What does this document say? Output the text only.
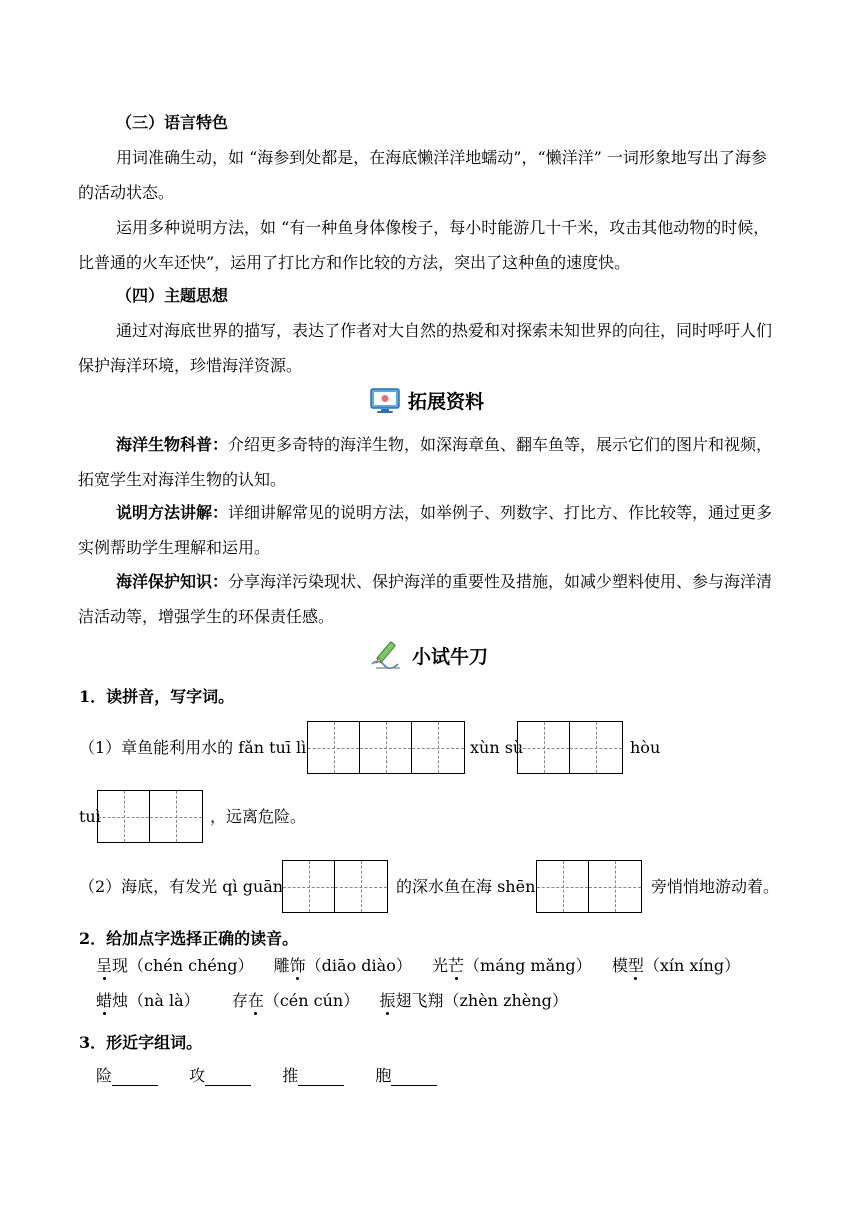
（三）语言特色
用词准确生动，如 “海参到处都是，在海底懒洋洋地蠕动”，“懒洋洋” 一词形象地写出了海参的活动状态。
运用多种说明方法，如 “有一种鱼身体像梭子，每小时能游几十千米，攻击其他动物的时候，比普通的火车还快”，运用了打比方和作比较的方法，突出了这种鱼的速度快。
（四）主题思想
通过对海底世界的描写，表达了作者对大自然的热爱和对探索未知世界的向往，同时呼吁人们保护海洋环境，珍惜海洋资源。
拓展资料
海洋生物科普：介绍更多奇特的海洋生物，如深海章鱼、翻车鱼等，展示它们的图片和视频，拓宽学生对海洋生物的认知。
说明方法讲解：详细讲解常见的说明方法，如举例子、列数字、打比方、作比较等，通过更多实例帮助学生理解和运用。
海洋保护知识：分享海洋污染现状、保护海洋的重要性及措施，如减少塑料使用、参与海洋清洁活动等，增强学生的环保责任感。
小试牛刀
1．读拼音，写字词。
（1）章鱼能利用水的 fǎn tuī lì	xùn sù	hòu
tuì	，远离危险。
（2）海底，有发光 qì guān	的深水鱼在海 shēn	旁悄悄地游动着。
2．给加点字选择正确的读音。
呈现（chén chéng） 雕饰（diāo diào） 光芒（máng mǎng） 模型（xín xíng）
蜡烛（nà là） 存在（cén cún） 振翅飞翔（zhèn zhèng）
3．形近字组词。
险	攻	推	胞
